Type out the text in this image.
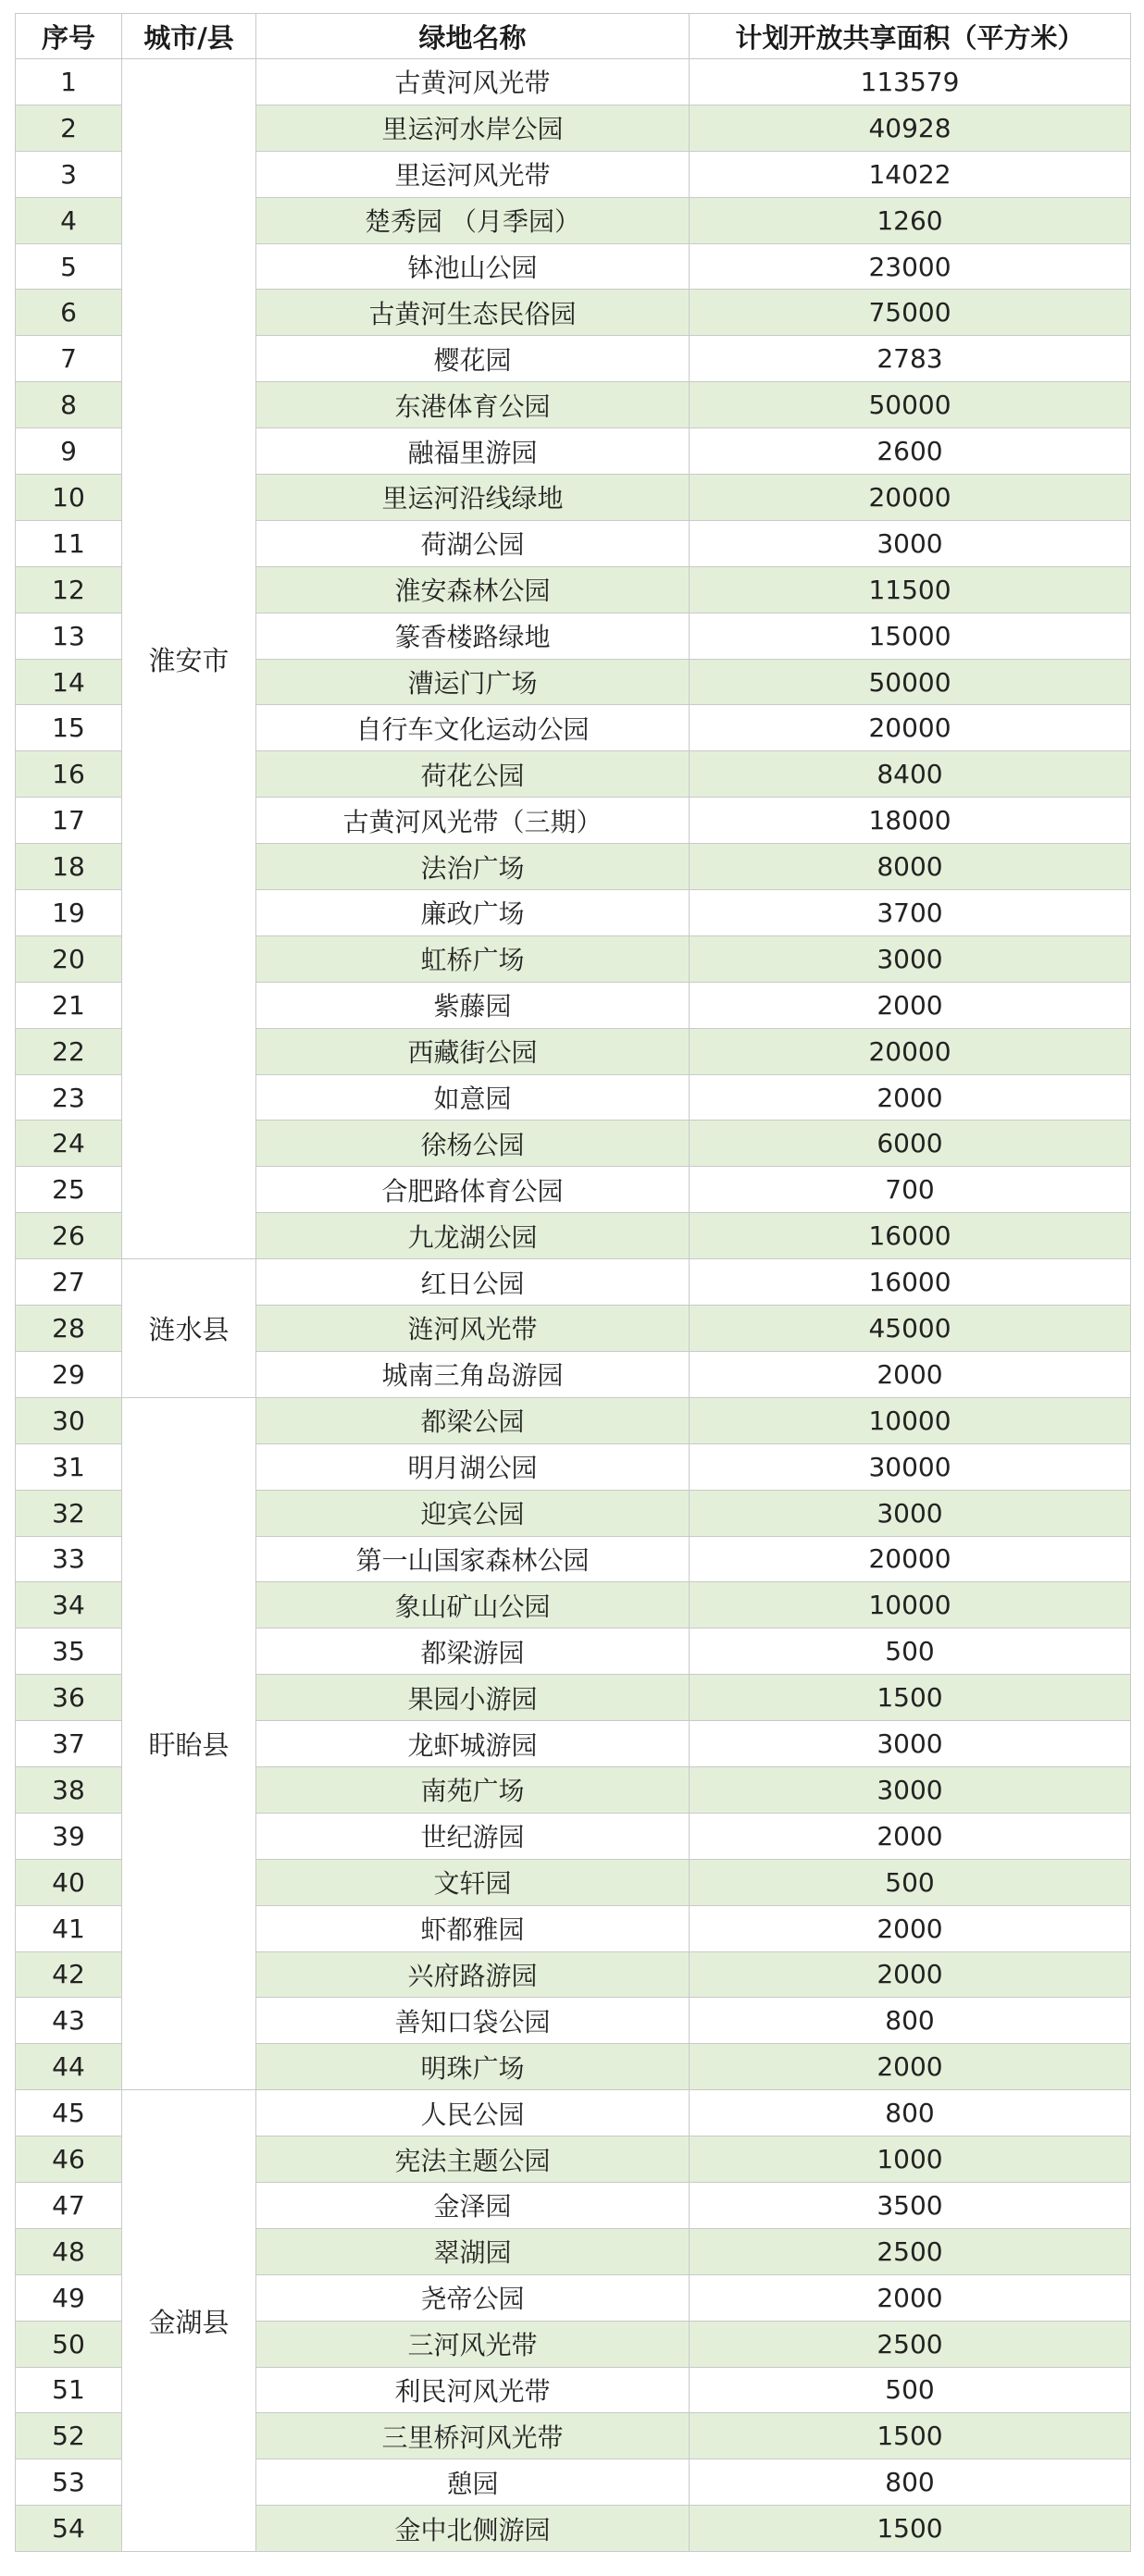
序号	城市/县	绿地名称	计划开放共享面积（平方米）
1	淮安市	古黄河风光带	113579
2		里运河水岸公园	40928
3		里运河风光带	14022
4		楚秀园 （月季园）	1260
5		钵池山公园	23000
6		古黄河生态民俗园	75000
7		樱花园	2783
8		东港体育公园	50000
9		融福里游园	2600
10		里运河沿线绿地	20000
11		荷湖公园	3000
12		淮安森林公园	11500
13		篆香楼路绿地	15000
14		漕运门广场	50000
15		自行车文化运动公园	20000
16		荷花公园	8400
17		古黄河风光带（三期）	18000
18		法治广场	8000
19		廉政广场	3700
20		虹桥广场	3000
21		紫藤园	2000
22		西藏街公园	20000
23		如意园	2000
24		徐杨公园	6000
25		合肥路体育公园	700
26		九龙湖公园	16000
27	涟水县	红日公园	16000
28		涟河风光带	45000
29		城南三角岛游园	2000
30	盱眙县	都梁公园	10000
31		明月湖公园	30000
32		迎宾公园	3000
33		第一山国家森林公园	20000
34		象山矿山公园	10000
35		都梁游园	500
36		果园小游园	1500
37		龙虾城游园	3000
38		南苑广场	3000
39		世纪游园	2000
40		文轩园	500
41		虾都雅园	2000
42		兴府路游园	2000
43		善知口袋公园	800
44		明珠广场	2000
45	金湖县	人民公园	800
46		宪法主题公园	1000
47		金泽园	3500
48		翠湖园	2500
49		尧帝公园	2000
50		三河风光带	2500
51		利民河风光带	500
52		三里桥河风光带	1500
53		憩园	800
54		金中北侧游园	1500
